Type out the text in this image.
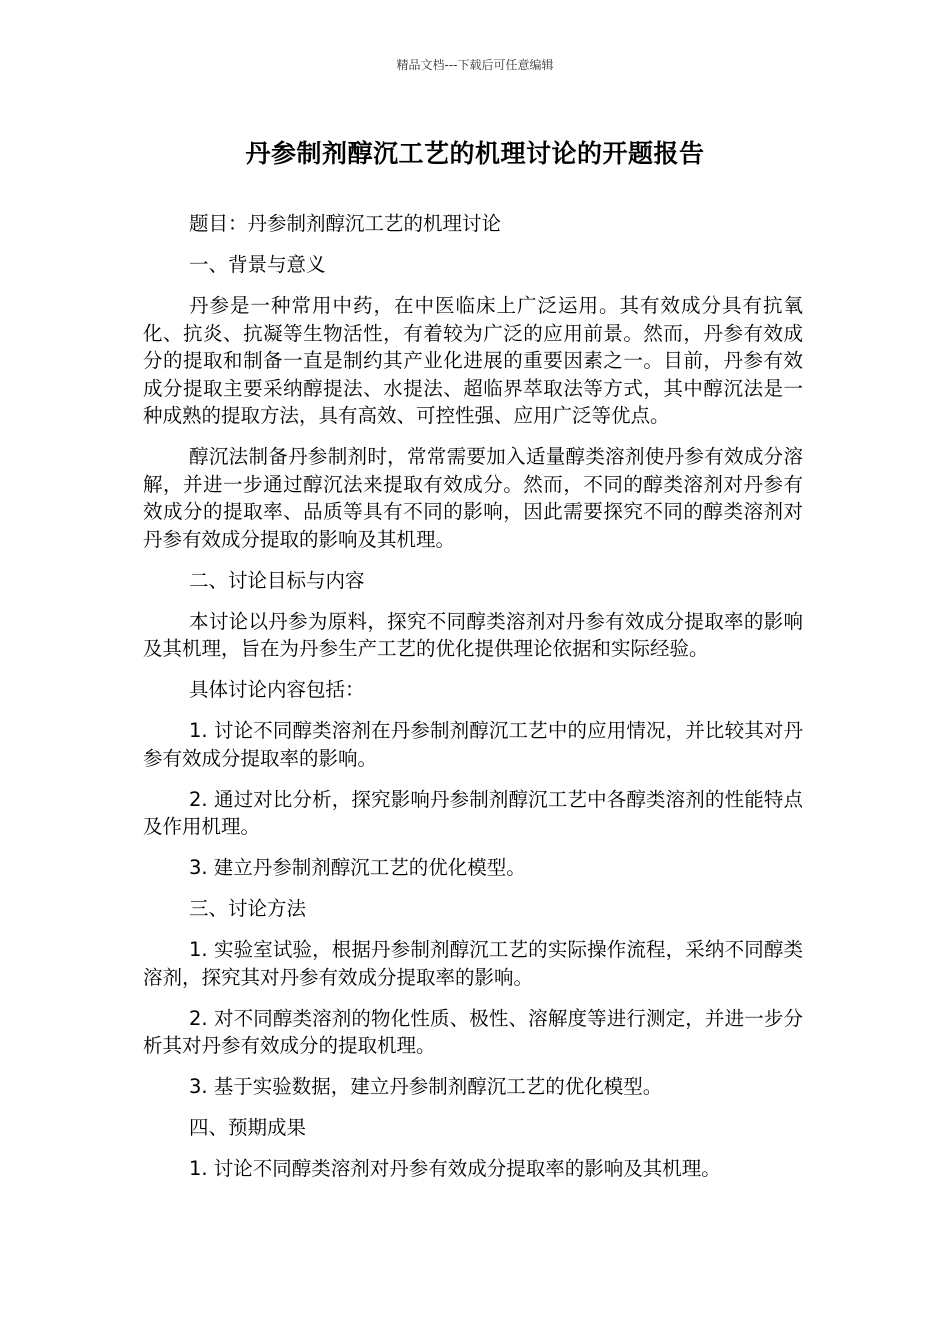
精品文档---下载后可任意编辑
丹参制剂醇沉工艺的机理讨论的开题报告

题目：丹参制剂醇沉工艺的机理讨论

一、背景与意义

丹参是一种常用中药，在中医临床上广泛运用。其有效成分具有抗氧化、抗炎、抗凝等生物活性，有着较为广泛的应用前景。然而，丹参有效成分的提取和制备一直是制约其产业化进展的重要因素之一。目前，丹参有效成分提取主要采纳醇提法、水提法、超临界萃取法等方式，其中醇沉法是一种成熟的提取方法，具有高效、可控性强、应用广泛等优点。

醇沉法制备丹参制剂时，常常需要加入适量醇类溶剂使丹参有效成分溶解，并进一步通过醇沉法来提取有效成分。然而，不同的醇类溶剂对丹参有效成分的提取率、品质等具有不同的影响，因此需要探究不同的醇类溶剂对丹参有效成分提取的影响及其机理。

二、讨论目标与内容

本讨论以丹参为原料，探究不同醇类溶剂对丹参有效成分提取率的影响及其机理，旨在为丹参生产工艺的优化提供理论依据和实际经验。

具体讨论内容包括：

1. 讨论不同醇类溶剂在丹参制剂醇沉工艺中的应用情况，并比较其对丹参有效成分提取率的影响。

2. 通过对比分析，探究影响丹参制剂醇沉工艺中各醇类溶剂的性能特点及作用机理。

3. 建立丹参制剂醇沉工艺的优化模型。

三、讨论方法

1. 实验室试验，根据丹参制剂醇沉工艺的实际操作流程，采纳不同醇类溶剂，探究其对丹参有效成分提取率的影响。

2. 对不同醇类溶剂的物化性质、极性、溶解度等进行测定，并进一步分析其对丹参有效成分的提取机理。

3. 基于实验数据，建立丹参制剂醇沉工艺的优化模型。

四、预期成果

1. 讨论不同醇类溶剂对丹参有效成分提取率的影响及其机理。
